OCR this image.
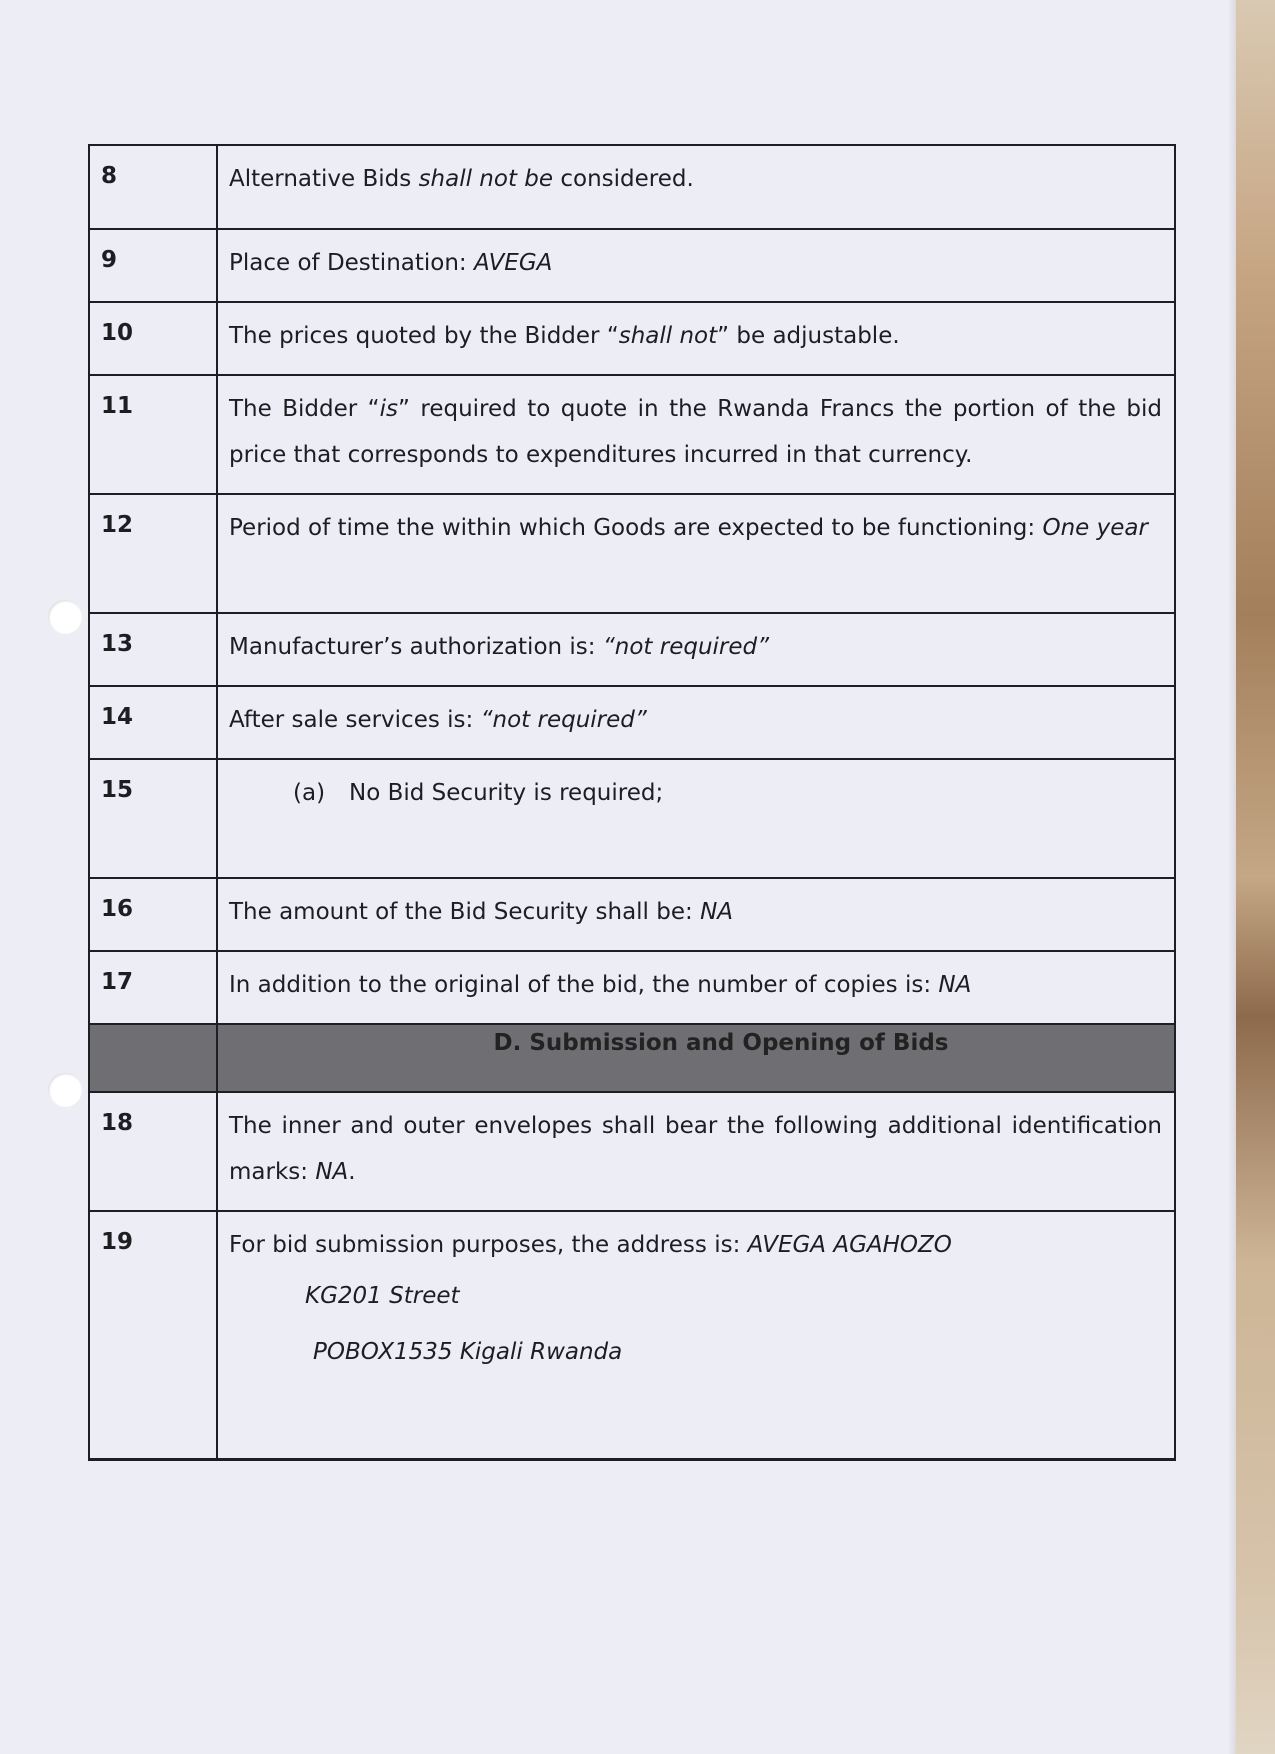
8	Alternative Bids shall not be considered.
9	Place of Destination: AVEGA
10	The prices quoted by the Bidder “shall not” be adjustable.
11	The Bidder “is” required to quote in the Rwanda Francs the portion of the bid price that corresponds to expenditures incurred in that currency.
12	Period of time the within which Goods are expected to be functioning: One year
13	Manufacturer’s authorization is: “not required”
14	After sale services is: “not required”
15	(a) No Bid Security is required;
16	The amount of the Bid Security shall be: NA
17	In addition to the original of the bid, the number of copies is: NA
	D. Submission and Opening of Bids
18	The inner and outer envelopes shall bear the following additional identification marks: NA.
19	For bid submission purposes, the address is: AVEGA AGAHOZO
KG201 Street
POBOX1535 Kigali Rwanda
